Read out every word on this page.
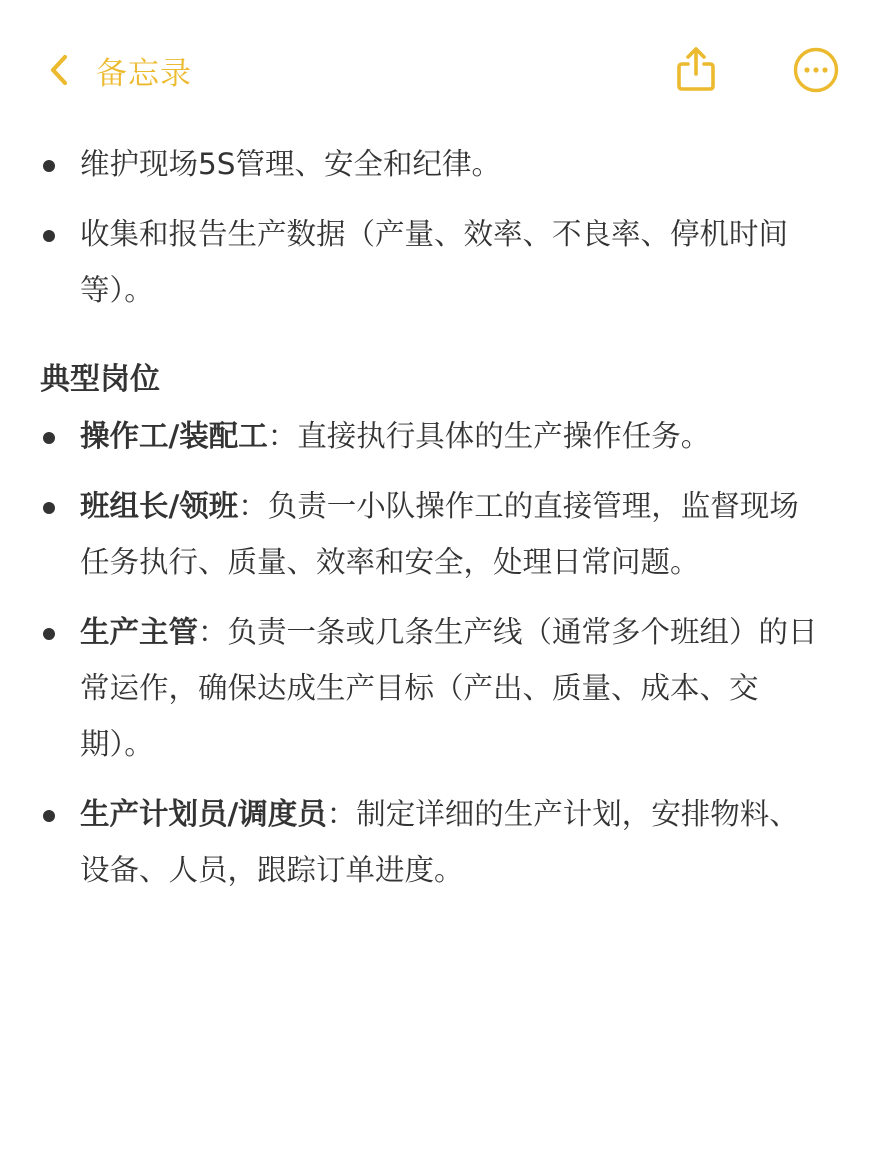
备忘录
维护现场5S管理、安全和纪律。
收集和报告生产数据（产量、效率、不良率、停机时间等）。
典型岗位
操作工/装配工：直接执行具体的生产操作任务。
班组长/领班：负责一小队操作工的直接管理，监督现场任务执行、质量、效率和安全，处理日常问题。
生产主管：负责一条或几条生产线（通常多个班组）的日常运作，确保达成生产目标（产出、质量、成本、交期）。
生产计划员/调度员：制定详细的生产计划，安排物料、设备、人员，跟踪订单进度。
